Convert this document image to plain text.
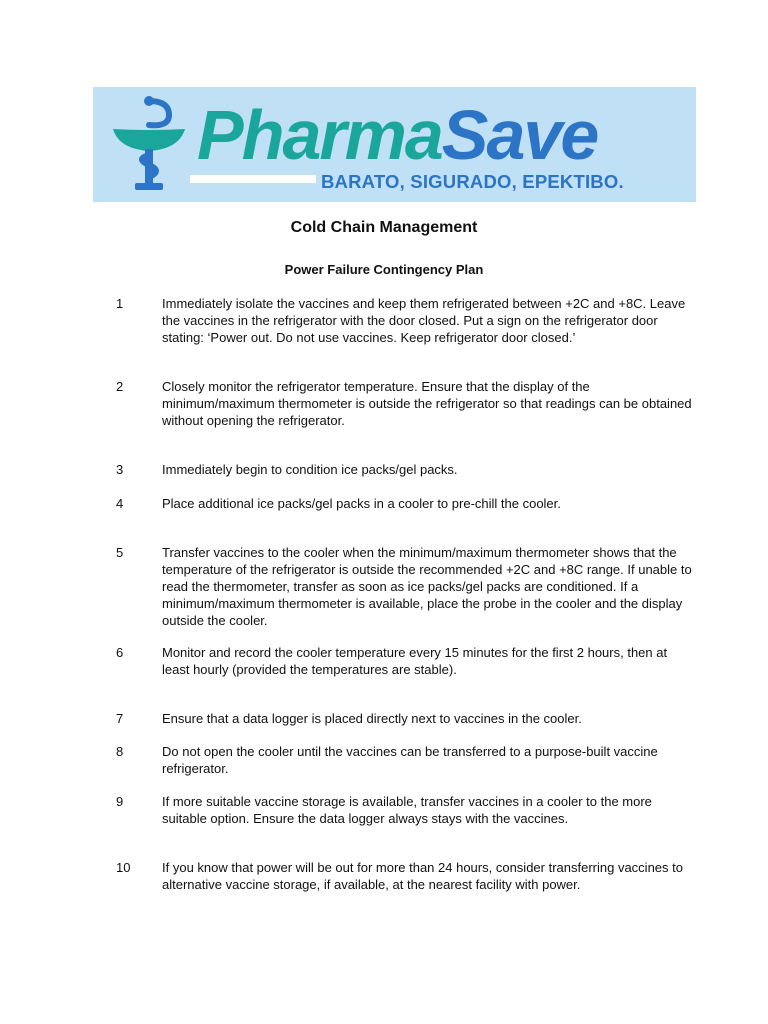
PharmaSave
BARATO, SIGURADO, EPEKTIBO.
Cold Chain Management
Power Failure Contingency Plan
1	Immediately isolate the vaccines and keep them refrigerated between +2C and +8C. Leave the vaccines in the refrigerator with the door closed. Put a sign on the refrigerator door stating: ‘Power out. Do not use vaccines. Keep refrigerator door closed.’
2	Closely monitor the refrigerator temperature. Ensure that the display of the minimum/maximum thermometer is outside the refrigerator so that readings can be obtained without opening the refrigerator.
3	Immediately begin to condition ice packs/gel packs.
4	Place additional ice packs/gel packs in a cooler to pre-chill the cooler.
5	Transfer vaccines to the cooler when the minimum/maximum thermometer shows that the temperature of the refrigerator is outside the recommended +2C and +8C range. If unable to read the thermometer, transfer as soon as ice packs/gel packs are conditioned. If a minimum/maximum thermometer is available, place the probe in the cooler and the display outside the cooler.
6	Monitor and record the cooler temperature every 15 minutes for the first 2 hours, then at least hourly (provided the temperatures are stable).
7	Ensure that a data logger is placed directly next to vaccines in the cooler.
8	Do not open the cooler until the vaccines can be transferred to a purpose-built vaccine refrigerator.
9	If more suitable vaccine storage is available, transfer vaccines in a cooler to the more suitable option. Ensure the data logger always stays with the vaccines.
10 If you know that power will be out for more than 24 hours, consider transferring vaccines to alternative vaccine storage, if available, at the nearest facility with power.
